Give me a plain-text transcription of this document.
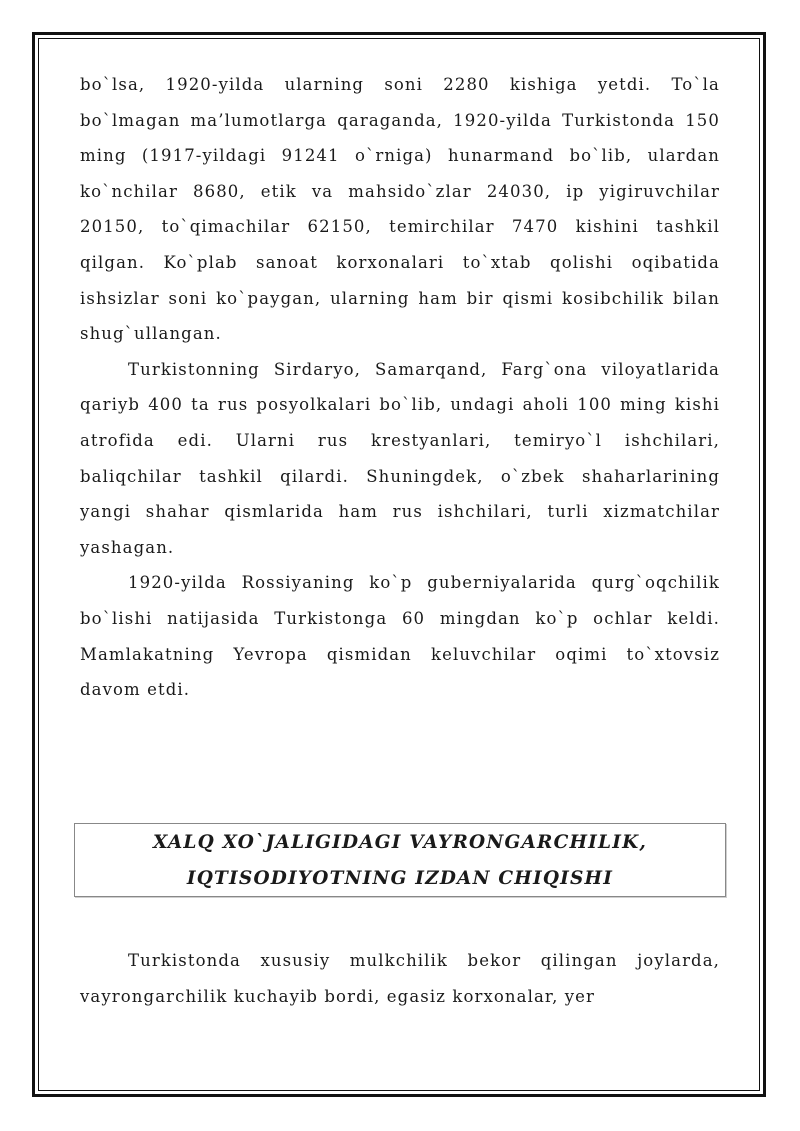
bo`lsa, 1920-yilda ularning soni 2280 kishiga yetdi. To`la bo`lmagan ma’lumotlarga qaraganda, 1920-yilda Turkistonda 150 ming (1917-yildagi 91241 o`rniga) hunarmand bo`lib, ulardan ko`nchilar 8680, etik va mahsido`zlar 24030, ip yigiruvchilar 20150, to`qimachilar 62150, temirchilar 7470 kishini tashkil qilgan. Ko`plab sanoat korxonalari to`xtab qolishi oqibatida ishsizlar soni ko`paygan, ularning ham bir qismi kosibchilik bilan shug`ullangan.

Turkistonning Sirdaryo, Samarqand, Farg`ona viloyatlarida qariyb 400 ta rus posyolkalari bo`lib, undagi aholi 100 ming kishi atrofida edi. Ularni rus krestyanlari, temiryo`l ishchilari, baliqchilar tashkil qilardi. Shuningdek, o`zbek shaharlarining yangi shahar qismlarida ham rus ishchilari, turli xizmatchilar yashagan.

1920-yilda Rossiyaning ko`p guberniyalarida qurg`oqchilik bo`lishi natijasida Turkistonga 60 mingdan ko`p ochlar keldi. Mamlakatning Yevropa qismidan keluvchilar oqimi to`xtovsiz davom etdi.

XALQ XO`JALIGIDAGI VAYRONGARCHILIK,
IQTISODIYOTNING IZDAN CHIQISHI

Turkistonda xususiy mulkchilik bekor qilingan joylarda, vayrongarchilik kuchayib bordi, egasiz korxonalar, yer
